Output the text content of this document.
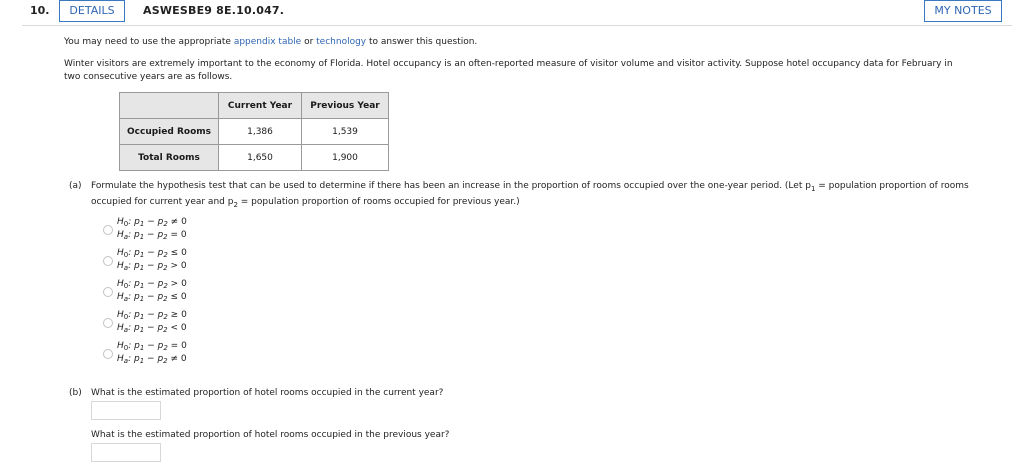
10.	DETAILS	ASWESBE9 8E.10.047.	MY NOTES
You may need to use the appropriate appendix table or technology to answer this question.
Winter visitors are extremely important to the economy of Florida. Hotel occupancy is an often-reported measure of visitor volume and visitor activity. Suppose hotel occupancy data for February in
two consecutive years are as follows.
	Current Year	Previous Year
Occupied Rooms	1,386	1,539
Total Rooms	1,650	1,900
(a) Formulate the hypothesis test that can be used to determine if there has been an increase in the proportion of rooms occupied over the one-year period. (Let $p_1$ = population proportion of rooms
occupied for current year and $p_2$ = population proportion of rooms occupied for previous year.)
$H_0$: $p_1 - p_2 \ne 0$
$H_a$: $p_1 - p_2 = 0$
$H_0$: $p_1 - p_2 \le 0$
$H_a$: $p_1 - p_2 > 0$
$H_0$: $p_1 - p_2 > 0$
$H_a$: $p_1 - p_2 \le 0$
$H_0$: $p_1 - p_2 \ge 0$
$H_a$: $p_1 - p_2 < 0$
$H_0$: $p_1 - p_2 = 0$
$H_a$: $p_1 - p_2 \ne 0$
(b) What is the estimated proportion of hotel rooms occupied in the current year?
What is the estimated proportion of hotel rooms occupied in the previous year?
